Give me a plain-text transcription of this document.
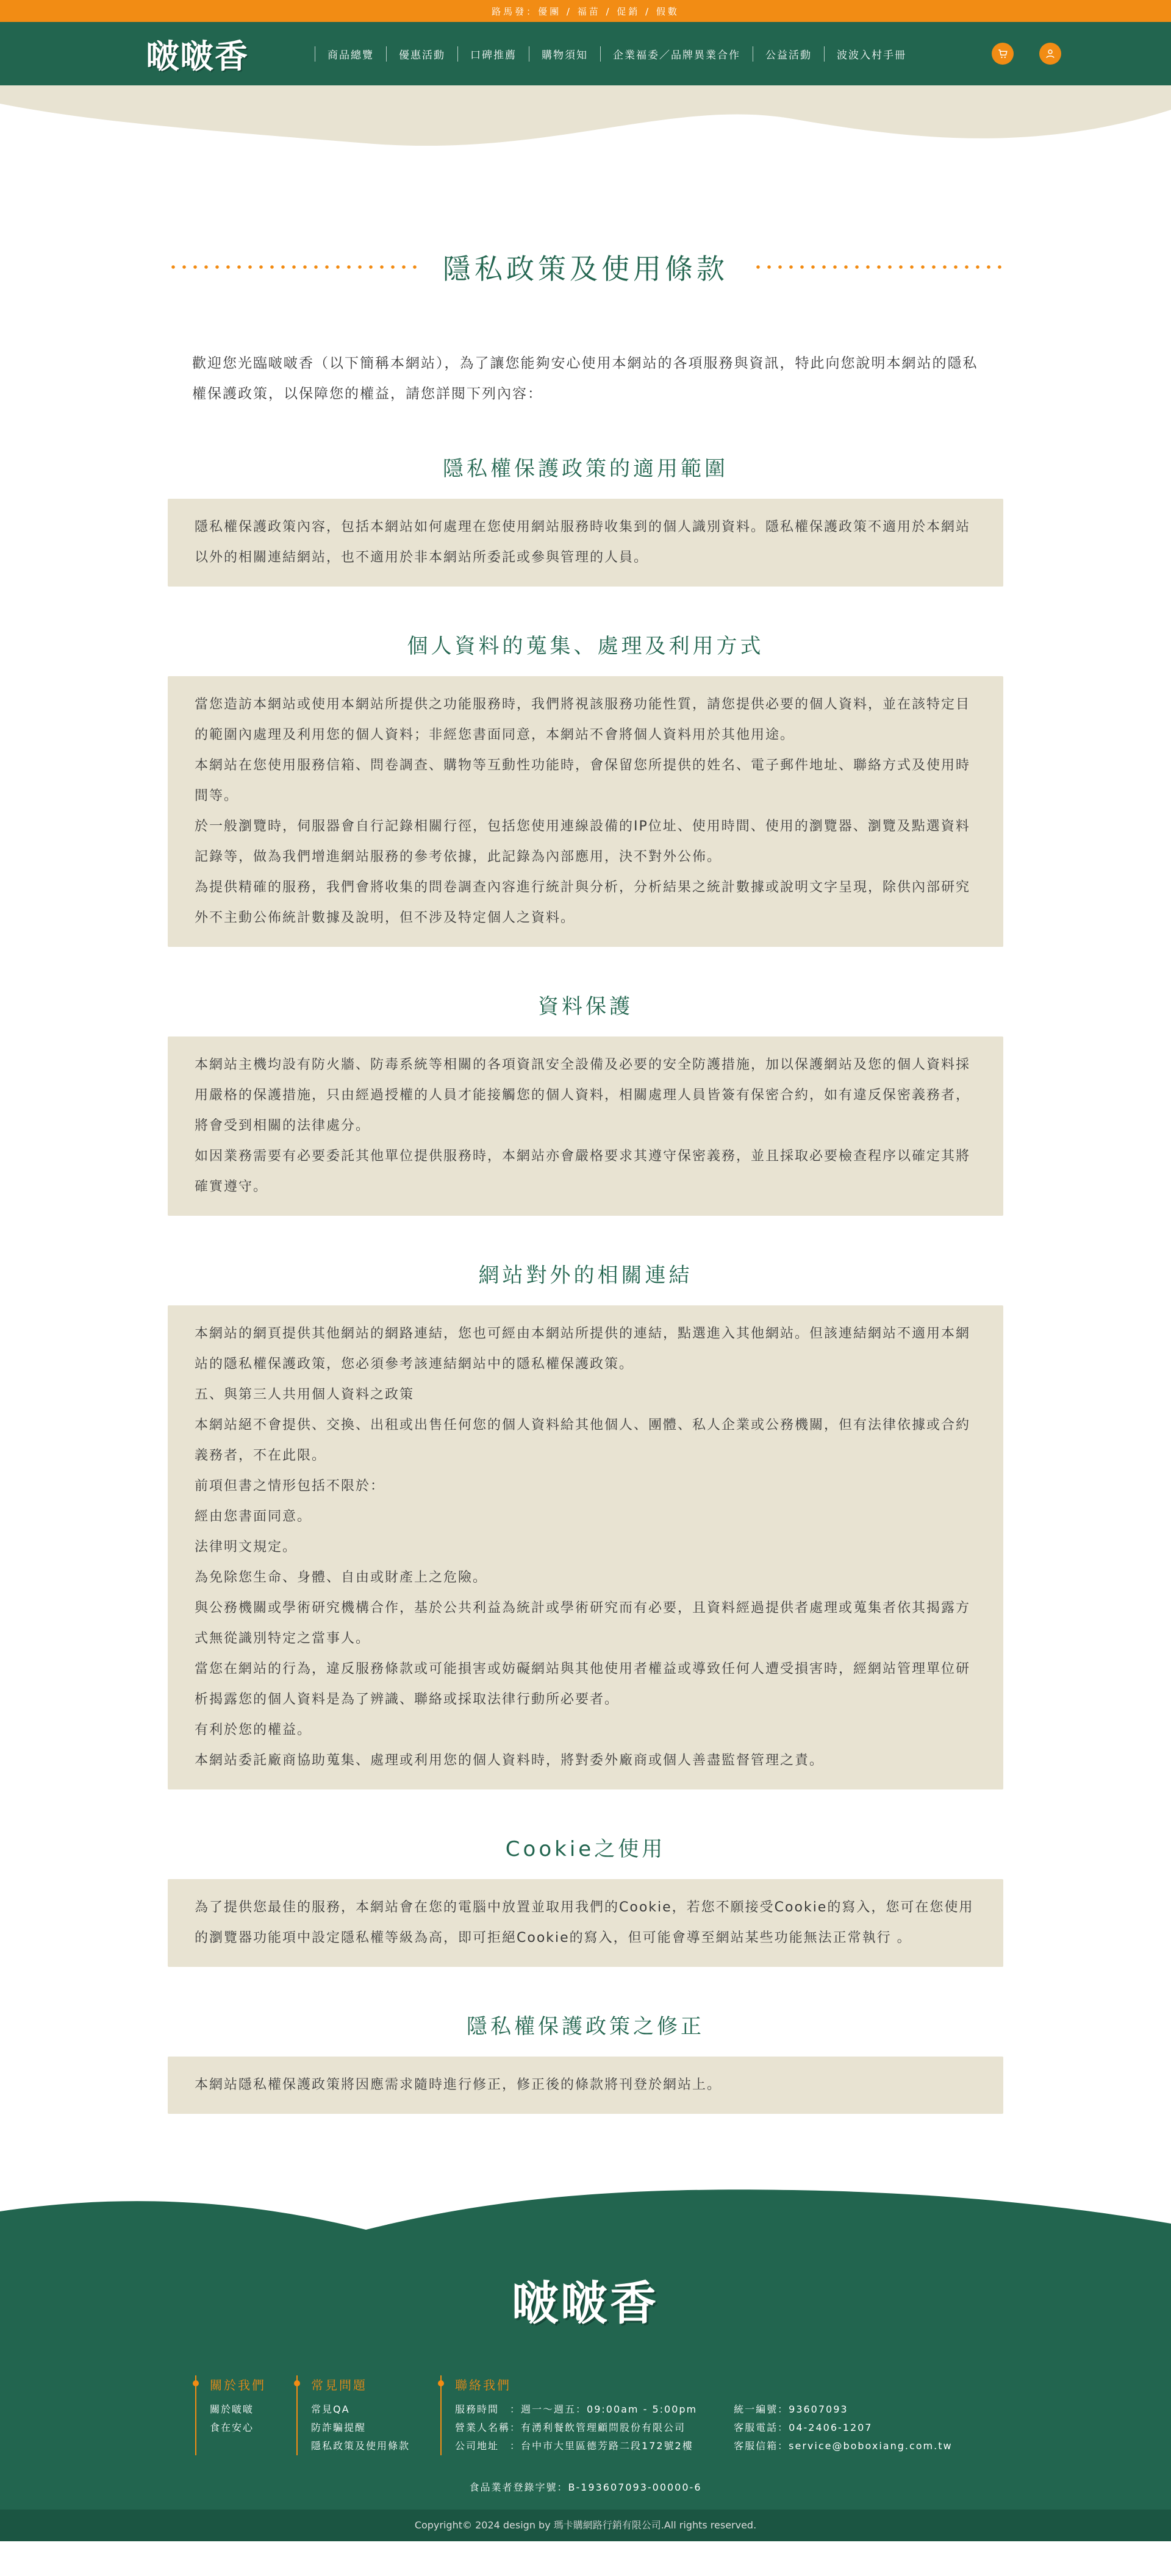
路馬發：優團 / 福苗 / 促銷 / 假數
啵啵香	商品總覽	優惠活動	口碑推薦	購物須知	企業福委／品牌異業合作	公益活動	波波入村手冊
隱私政策及使用條款

歡迎您光臨啵啵香（以下簡稱本網站），為了讓您能夠安心使用本網站的各項服務與資訊，特此向您說明本網站的隱私權保護政策，以保障您的權益，請您詳閱下列內容：

隱私權保護政策的適用範圍

隱私權保護政策內容，包括本網站如何處理在您使用網站服務時收集到的個人識別資料。隱私權保護政策不適用於本網站以外的相關連結網站，也不適用於非本網站所委託或參與管理的人員。

個人資料的蒐集、處理及利用方式

當您造訪本網站或使用本網站所提供之功能服務時，我們將視該服務功能性質，請您提供必要的個人資料，並在該特定目的範圍內處理及利用您的個人資料；非經您書面同意，本網站不會將個人資料用於其他用途。

本網站在您使用服務信箱、問卷調查、購物等互動性功能時，會保留您所提供的姓名、電子郵件地址、聯絡方式及使用時間等。

於一般瀏覽時，伺服器會自行記錄相關行徑，包括您使用連線設備的IP位址、使用時間、使用的瀏覽器、瀏覽及點選資料記錄等，做為我們增進網站服務的參考依據，此記錄為內部應用，決不對外公佈。

為提供精確的服務，我們會將收集的問卷調查內容進行統計與分析，分析結果之統計數據或說明文字呈現，除供內部研究外不主動公佈統計數據及說明，但不涉及特定個人之資料。

資料保護

本網站主機均設有防火牆、防毒系統等相關的各項資訊安全設備及必要的安全防護措施，加以保護網站及您的個人資料採用嚴格的保護措施，只由經過授權的人員才能接觸您的個人資料，相關處理人員皆簽有保密合約，如有違反保密義務者，將會受到相關的法律處分。

如因業務需要有必要委託其他單位提供服務時，本網站亦會嚴格要求其遵守保密義務，並且採取必要檢查程序以確定其將確實遵守。

網站對外的相關連結

本網站的網頁提供其他網站的網路連結，您也可經由本網站所提供的連結，點選進入其他網站。但該連結網站不適用本網站的隱私權保護政策，您必須參考該連結網站中的隱私權保護政策。

五、與第三人共用個人資料之政策

本網站絕不會提供、交換、出租或出售任何您的個人資料給其他個人、團體、私人企業或公務機關，但有法律依據或合約義務者，不在此限。

前項但書之情形包括不限於：

經由您書面同意。

法律明文規定。

為免除您生命、身體、自由或財產上之危險。

與公務機關或學術研究機構合作，基於公共利益為統計或學術研究而有必要，且資料經過提供者處理或蒐集者依其揭露方式無從識別特定之當事人。

當您在網站的行為，違反服務條款或可能損害或妨礙網站與其他使用者權益或導致任何人遭受損害時，經網站管理單位研析揭露您的個人資料是為了辨識、聯絡或採取法律行動所必要者。

有利於您的權益。

本網站委託廠商協助蒐集、處理或利用您的個人資料時，將對委外廠商或個人善盡監督管理之責。

Cookie之使用

為了提供您最佳的服務，本網站會在您的電腦中放置並取用我們的Cookie，若您不願接受Cookie的寫入，您可在您使用的瀏覽器功能項中設定隱私權等級為高，即可拒絕Cookie的寫入，但可能會導至網站某些功能無法正常執行 。

隱私權保護政策之修正

本網站隱私權保護政策將因應需求隨時進行修正，修正後的條款將刊登於網站上。

啵啵香
關於我們
關於啵啵
食在安心
常見問題
常見QA
防詐騙提醒
隱私政策及使用條款
聯絡我們
服務時間　：週一～週五：09:00am - 5:00pm
營業人名稱：有湧利餐飲管理顧問股份有限公司
公司地址　：台中市大里區德芳路二段172號2樓
統一編號：93607093
客服電話：04-2406-1207
客服信箱：service@boboxiang.com.tw
食品業者登錄字號：B-193607093-00000-6
Copyright© 2024 design by 瑪卡購網路行銷有限公司.All rights reserved.
